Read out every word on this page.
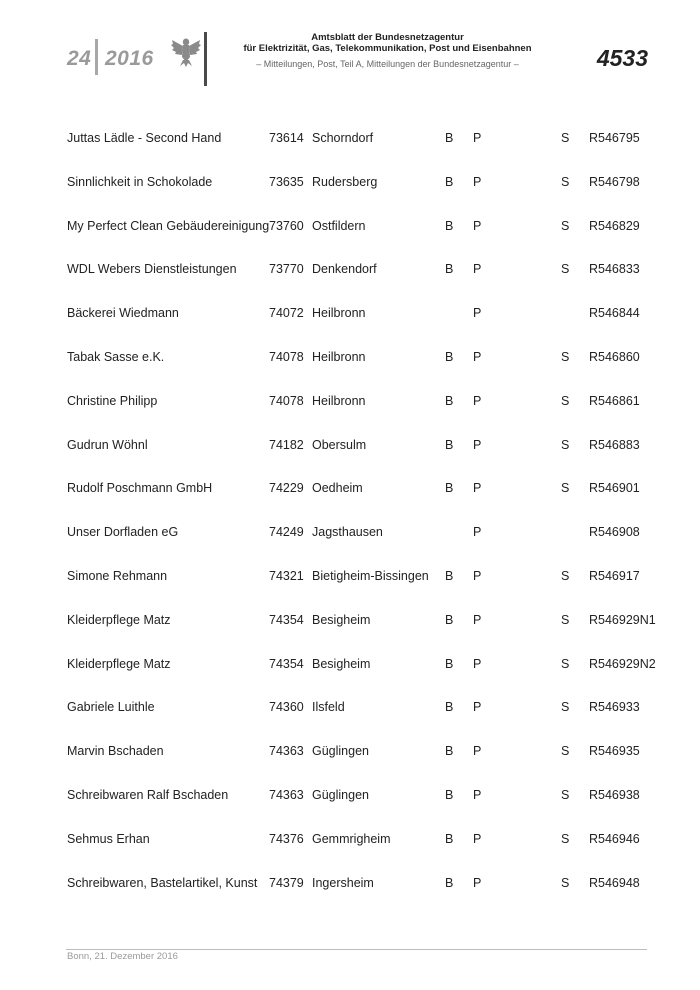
24 2016
Amtsblatt der Bundesnetzagentur
für Elektrizität, Gas, Telekommunikation, Post und Eisenbahnen
– Mitteilungen, Post, Teil A, Mitteilungen der Bundesnetzagentur –	4533
Juttas Lädle - Second Hand	73614 Schorndorf	B P	S R546795
Sinnlichkeit in Schokolade	73635 Rudersberg	B P	S R546798
My Perfect Clean Gebäudereinigung 73760 Ostfildern	B P	S R546829
WDL Webers Dienstleistungen	73770 Denkendorf	B P	S R546833
Bäckerei Wiedmann	74072 Heilbronn	P	R546844
Tabak Sasse e.K.	74078 Heilbronn	B P	S R546860
Christine Philipp	74078 Heilbronn	B P	S R546861
Gudrun Wöhnl	74182 Obersulm	B P	S R546883
Rudolf Poschmann GmbH	74229 Oedheim	B P	S R546901
Unser Dorfladen eG	74249 Jagsthausen	P	R546908
Simone Rehmann	74321 Bietigheim-Bissingen B P	S R546917
Kleiderpflege Matz	74354 Besigheim	B P	S R546929N1
Kleiderpflege Matz	74354 Besigheim	B P	S R546929N2
Gabriele Luithle	74360 Ilsfeld	B P	S R546933
Marvin Bschaden	74363 Güglingen	B P	S R546935
Schreibwaren Ralf Bschaden	74363 Güglingen	B P	S R546938
Sehmus Erhan	74376 Gemmrigheim	B P	S R546946
Schreibwaren, Bastelartikel, Kunst 74379 Ingersheim	B P	S R546948
Bonn, 21. Dezember 2016
